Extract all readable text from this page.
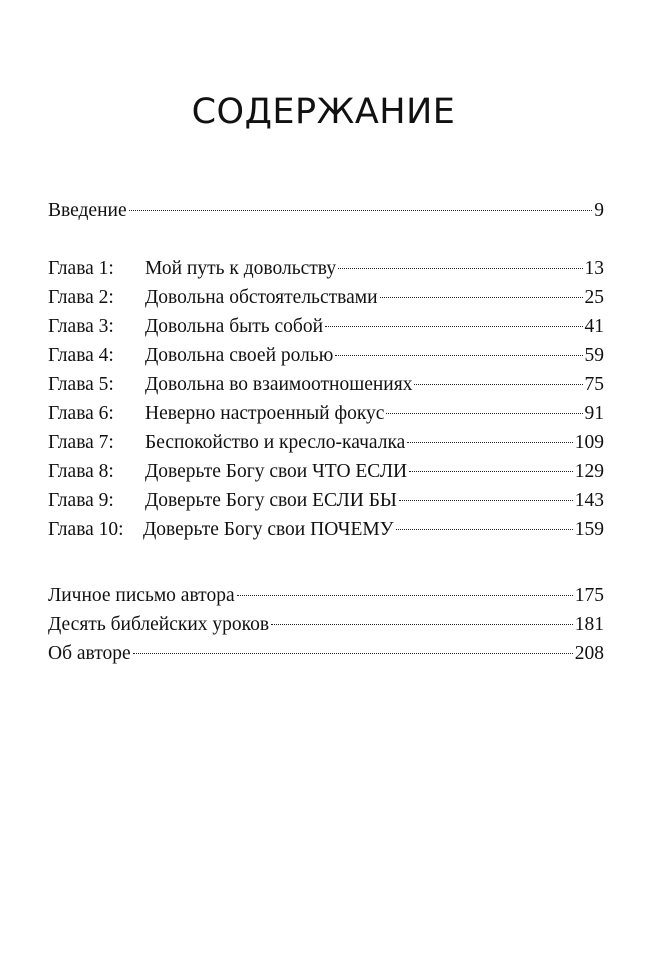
СОДЕРЖАНИЕ
Введение	9
Глава 1:	Мой путь к довольству	13
Глава 2:	Довольна обстоятельствами	25
Глава 3:	Довольна быть собой	41
Глава 4:	Довольна своей ролью	59
Глава 5:	Довольна во взаимоотношениях	75
Глава 6:	Неверно настроенный фокус	91
Глава 7:	Беспокойство и кресло-качалка	109
Глава 8:	Доверьте Богу свои ЧТО ЕСЛИ	129
Глава 9:	Доверьте Богу свои ЕСЛИ БЫ	143
Глава 10: Доверьте Богу свои ПОЧЕМУ	159
Личное письмо автора	175
Десять библейских уроков	181
Об авторе	208
